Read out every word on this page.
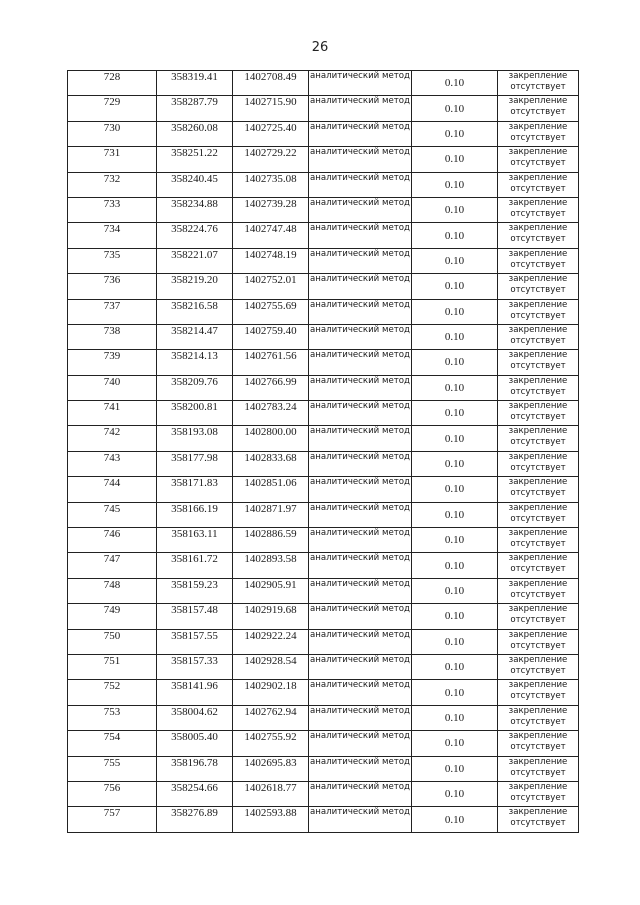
26
728	358319.41	1402708.49	аналитический метод	0.10	закрепление отсутствует
729	358287.79	1402715.90	аналитический метод	0.10	закрепление отсутствует
730	358260.08	1402725.40	аналитический метод	0.10	закрепление отсутствует
731	358251.22	1402729.22	аналитический метод	0.10	закрепление отсутствует
732	358240.45	1402735.08	аналитический метод	0.10	закрепление отсутствует
733	358234.88	1402739.28	аналитический метод	0.10	закрепление отсутствует
734	358224.76	1402747.48	аналитический метод	0.10	закрепление отсутствует
735	358221.07	1402748.19	аналитический метод	0.10	закрепление отсутствует
736	358219.20	1402752.01	аналитический метод	0.10	закрепление отсутствует
737	358216.58	1402755.69	аналитический метод	0.10	закрепление отсутствует
738	358214.47	1402759.40	аналитический метод	0.10	закрепление отсутствует
739	358214.13	1402761.56	аналитический метод	0.10	закрепление отсутствует
740	358209.76	1402766.99	аналитический метод	0.10	закрепление отсутствует
741	358200.81	1402783.24	аналитический метод	0.10	закрепление отсутствует
742	358193.08	1402800.00	аналитический метод	0.10	закрепление отсутствует
743	358177.98	1402833.68	аналитический метод	0.10	закрепление отсутствует
744	358171.83	1402851.06	аналитический метод	0.10	закрепление отсутствует
745	358166.19	1402871.97	аналитический метод	0.10	закрепление отсутствует
746	358163.11	1402886.59	аналитический метод	0.10	закрепление отсутствует
747	358161.72	1402893.58	аналитический метод	0.10	закрепление отсутствует
748	358159.23	1402905.91	аналитический метод	0.10	закрепление отсутствует
749	358157.48	1402919.68	аналитический метод	0.10	закрепление отсутствует
750	358157.55	1402922.24	аналитический метод	0.10	закрепление отсутствует
751	358157.33	1402928.54	аналитический метод	0.10	закрепление отсутствует
752	358141.96	1402902.18	аналитический метод	0.10	закрепление отсутствует
753	358004.62	1402762.94	аналитический метод	0.10	закрепление отсутствует
754	358005.40	1402755.92	аналитический метод	0.10	закрепление отсутствует
755	358196.78	1402695.83	аналитический метод	0.10	закрепление отсутствует
756	358254.66	1402618.77	аналитический метод	0.10	закрепление отсутствует
757	358276.89	1402593.88	аналитический метод	0.10	закрепление отсутствует
